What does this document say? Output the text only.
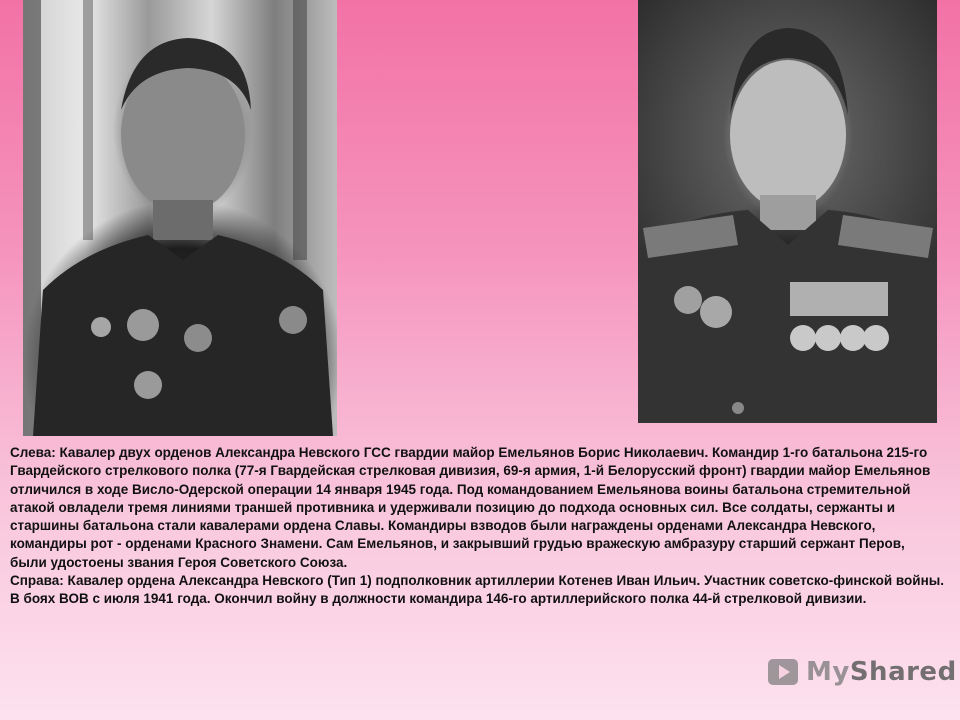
Слева: Кавалер двух орденов Александра Невского ГСС гвардии майор Емельянов Борис Николаевич. Командир 1-го батальона 215-го Гвардейского стрелкового полка (77-я Гвардейская стрелковая дивизия, 69-я армия, 1-й Белорусский фронт) гвардии майор Емельянов отличился в ходе Висло-Одерской операции 14 января 1945 года. Под командованием Емельянова воины батальона стремительной атакой овладели тремя линиями траншей противника и удерживали позицию до подхода основных сил. Все солдаты, сержанты и старшины батальона стали кавалерами ордена Славы. Командиры взводов были награждены орденами Александра Невского, командиры рот - орденами Красного Знамени. Сам Емельянов, и закрывший грудью вражескую амбразуру старший сержант Перов, были удостоены звания Героя Советского Союза.

Справа: Кавалер ордена Александра Невского (Тип 1) подполковник артиллерии Котенев Иван Ильич. Участник советско-финской войны. В боях ВОВ с июля 1941 года. Окончил войну в должности командира 146-го артиллерийского полка 44-й стрелковой дивизии.

MyShared
